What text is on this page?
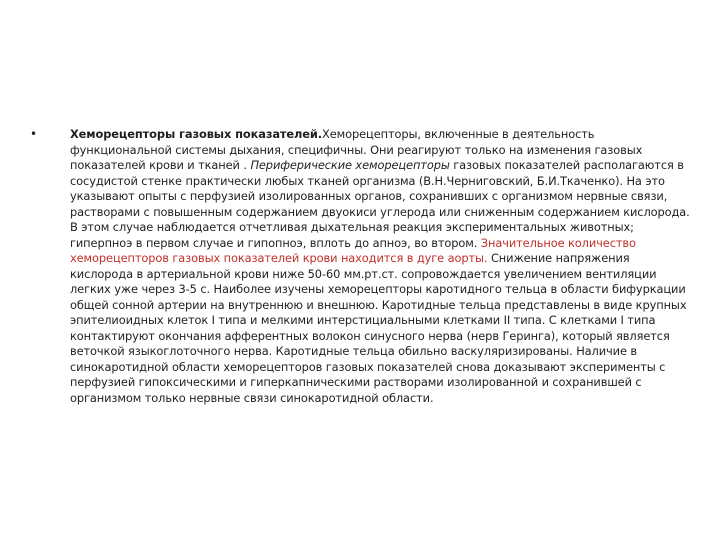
•	Хеморецепторы газовых показателей.Хеморецепторы, включенные в деятельность функциональной системы дыхания, специфичны. Они реагируют только на изменения газовых показателей крови и тканей . Периферические хеморецепторы газовых показателей располагаются в сосудистой стенке практически любых тканей организма (В.Н.Черниговский, Б.И.Ткаченко). На это указывают опыты с перфузией изолированных органов, сохранивших с организмом нервные связи, растворами с повышенным содержанием двуокиси углерода или сниженным содержанием кислорода. В этом случае наблюдается отчетливая дыхательная реакция экспериментальных животных; гиперпноэ в первом случае и гипопноэ, вплоть до апноэ, во втором. Значительное количество хеморецепторов газовых показателей крови находится в дуге аорты. Снижение напряжения кислорода в артериальной крови ниже 50-60 мм.рт.ст. сопровождается увеличением вентиляции легких уже через 3-5 с. Наиболее изучены хеморецепторы каротидного тельца в области бифуркации общей сонной артерии на внутреннюю и внешнюю. Каротидные тельца представлены в виде крупных эпителиоидных клеток I типа и мелкими интерстициальными клетками II типа. С клетками I типа контактируют окончания афферентных волокон синусного нерва (нерв Геринга), который является веточкой языкоглоточного нерва. Каротидные тельца обильно васкуляризированы. Наличие в синокаротидной области хеморецепторов газовых показателей снова доказывают эксперименты с перфузией гипоксическими и гиперкапническими растворами изолированной и сохранившей с организмом только нервные связи синокаротидной области.
